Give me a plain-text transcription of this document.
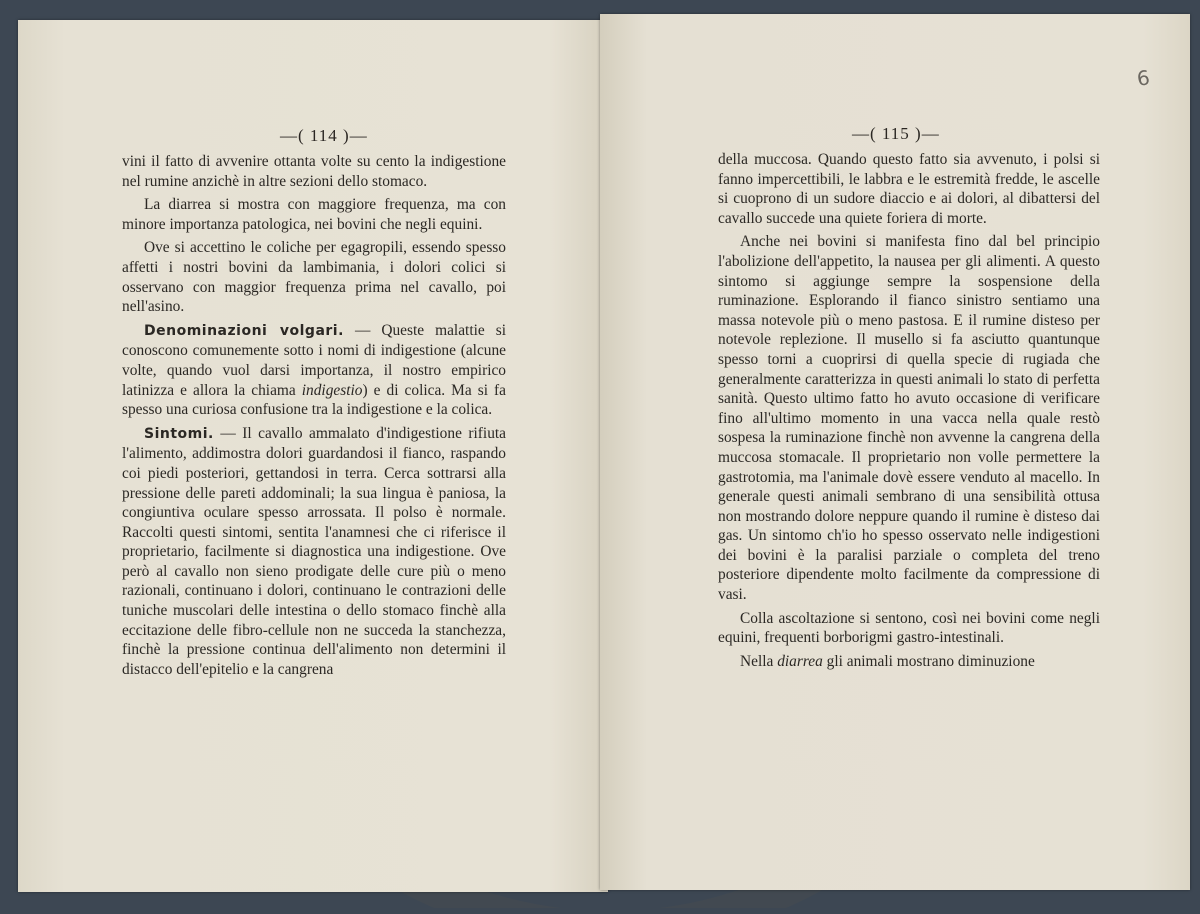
—( 114 )—

vini il fatto di avvenire ottanta volte su cento la indigestione nel rumine anzichè in altre sezioni dello stomaco.

La diarrea si mostra con maggiore frequenza, ma con minore importanza patologica, nei bovini che negli equini.

Ove si accettino le coliche per egagropili, essendo spesso affetti i nostri bovini da lambimania, i dolori colici si osservano con maggior frequenza prima nel cavallo, poi nell'asino.

Denominazioni volgari. — Queste malattie si conoscono comunemente sotto i nomi di indigestione (alcune volte, quando vuol darsi importanza, il nostro empirico latinizza e allora la chiama indigestio) e di colica. Ma si fa spesso una curiosa confusione tra la indigestione e la colica.

Sintomi. — Il cavallo ammalato d'indigestione rifiuta l'alimento, addimostra dolori guardandosi il fianco, raspando coi piedi posteriori, gettandosi in terra. Cerca sottrarsi alla pressione delle pareti addominali; la sua lingua è paniosa, la congiuntiva oculare spesso arrossata. Il polso è normale. Raccolti questi sintomi, sentita l'anamnesi che ci riferisce il proprietario, facilmente si diagnostica una indigestione. Ove però al cavallo non sieno prodigate delle cure più o meno razionali, continuano i dolori, continuano le contrazioni delle tuniche muscolari delle intestina o dello stomaco finchè alla eccitazione delle fibro-cellule non ne succeda la stanchezza, finchè la pressione continua dell'alimento non determini il distacco dell'epitelio e la cangrena

—( 115 )—
6

della muccosa. Quando questo fatto sia avvenuto, i polsi si fanno impercettibili, le labbra e le estremità fredde, le ascelle si cuoprono di un sudore diaccio e ai dolori, al dibattersi del cavallo succede una quiete foriera di morte.

Anche nei bovini si manifesta fino dal bel principio l'abolizione dell'appetito, la nausea per gli alimenti. A questo sintomo si aggiunge sempre la sospensione della ruminazione. Esplorando il fianco sinistro sentiamo una massa notevole più o meno pastosa. E il rumine disteso per notevole replezione. Il musello si fa asciutto quantunque spesso torni a cuoprirsi di quella specie di rugiada che generalmente caratterizza in questi animali lo stato di perfetta sanità. Questo ultimo fatto ho avuto occasione di verificare fino all'ultimo momento in una vacca nella quale restò sospesa la ruminazione finchè non avvenne la cangrena della muccosa stomacale. Il proprietario non volle permettere la gastrotomia, ma l'animale dovè essere venduto al macello. In generale questi animali sembrano di una sensibilità ottusa non mostrando dolore neppure quando il rumine è disteso dai gas. Un sintomo ch'io ho spesso osservato nelle indigestioni dei bovini è la paralisi parziale o completa del treno posteriore dipendente molto facilmente da compressione di vasi.

Colla ascoltazione si sentono, così nei bovini come negli equini, frequenti borborigmi gastro-intestinali.

Nella diarrea gli animali mostrano diminuzione
